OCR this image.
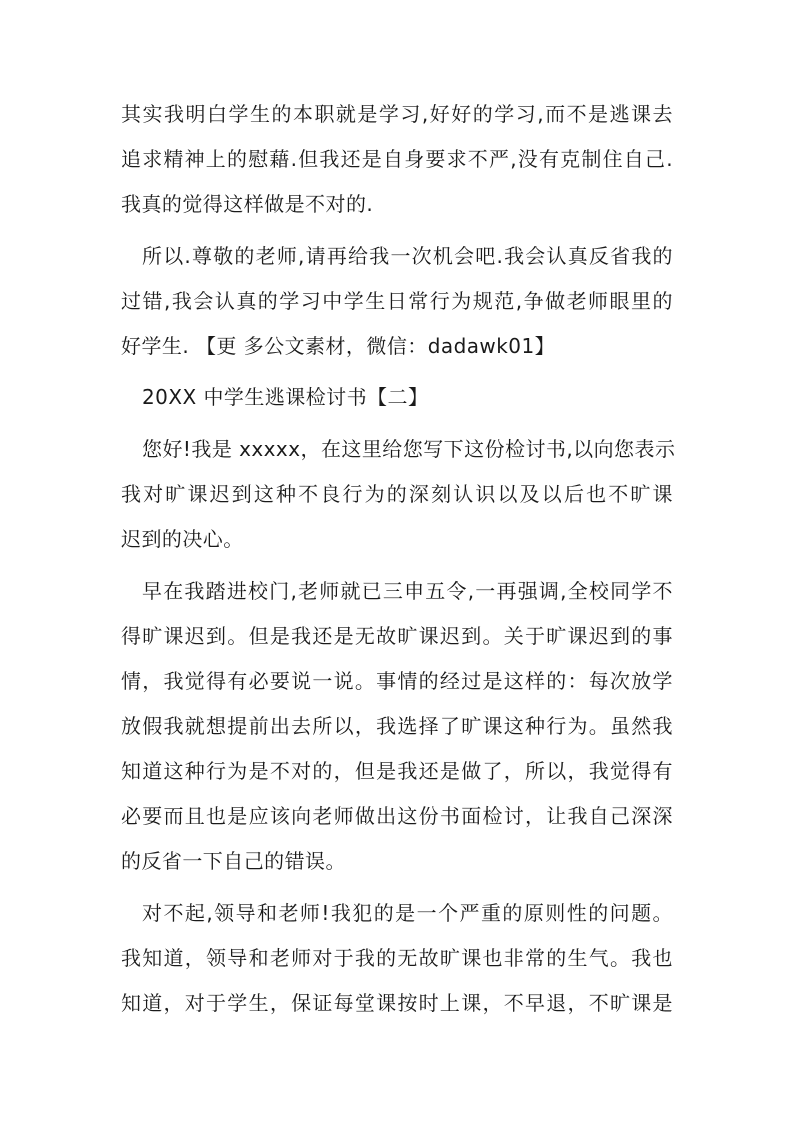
其实我明白学生的本职就是学习,好好的学习,而不是逃课去
追求精神上的慰藉.但我还是自身要求不严,没有克制住自己.
我真的觉得这样做是不对的.
所以.尊敬的老师,请再给我一次机会吧.我会认真反省我的
过错,我会认真的学习中学生日常行为规范,争做老师眼里的
好学生. 【更 多公文素材，微信：dadawk01】
20XX 中学生逃课检讨书【二】
您好!我是 xxxxx，在这里给您写下这份检讨书,以向您表示
我对旷课迟到这种不良行为的深刻认识以及以后也不旷课
迟到的决心。
早在我踏进校门,老师就已三申五令,一再强调,全校同学不
得旷课迟到。但是我还是无故旷课迟到。关于旷课迟到的事
情，我觉得有必要说一说。事情的经过是这样的：每次放学
放假我就想提前出去所以，我选择了旷课这种行为。虽然我
知道这种行为是不对的，但是我还是做了，所以，我觉得有
必要而且也是应该向老师做出这份书面检讨，让我自己深深
的反省一下自己的错误。
对不起,领导和老师!我犯的是一个严重的原则性的问题。
我知道，领导和老师对于我的无故旷课也非常的生气。我也
知道，对于学生，保证每堂课按时上课，不早退，不旷课是
